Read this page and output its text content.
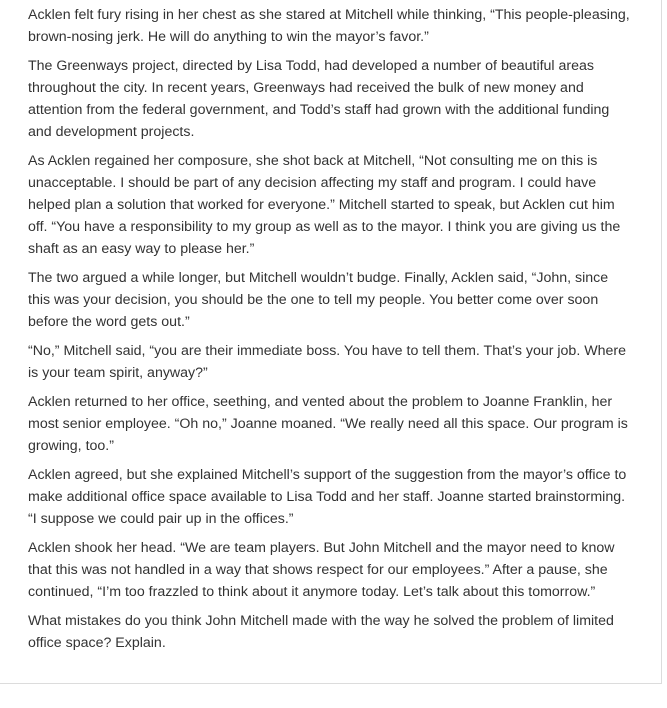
Acklen felt fury rising in her chest as she stared at Mitchell while thinking, “This people-pleasing, brown-nosing jerk. He will do anything to win the mayor’s favor.”

The Greenways project, directed by Lisa Todd, had developed a number of beautiful areas throughout the city. In recent years, Greenways had received the bulk of new money and attention from the federal government, and Todd’s staff had grown with the additional funding and development projects.

As Acklen regained her composure, she shot back at Mitchell, “Not consulting me on this is unacceptable. I should be part of any decision affecting my staff and program. I could have helped plan a solution that worked for everyone.” Mitchell started to speak, but Acklen cut him off. “You have a responsibility to my group as well as to the mayor. I think you are giving us the shaft as an easy way to please her.”

The two argued a while longer, but Mitchell wouldn’t budge. Finally, Acklen said, “John, since this was your decision, you should be the one to tell my people. You better come over soon before the word gets out.”

“No,” Mitchell said, “you are their immediate boss. You have to tell them. That’s your job. Where is your team spirit, anyway?”

Acklen returned to her office, seething, and vented about the problem to Joanne Franklin, her most senior employee. “Oh no,” Joanne moaned. “We really need all this space. Our program is growing, too.”

Acklen agreed, but she explained Mitchell’s support of the suggestion from the mayor’s office to make additional office space available to Lisa Todd and her staff. Joanne started brainstorming. “I suppose we could pair up in the offices.”

Acklen shook her head. “We are team players. But John Mitchell and the mayor need to know that this was not handled in a way that shows respect for our employees.” After a pause, she continued, “I’m too frazzled to think about it anymore today. Let’s talk about this tomorrow.”

What mistakes do you think John Mitchell made with the way he solved the problem of limited office space? Explain.
